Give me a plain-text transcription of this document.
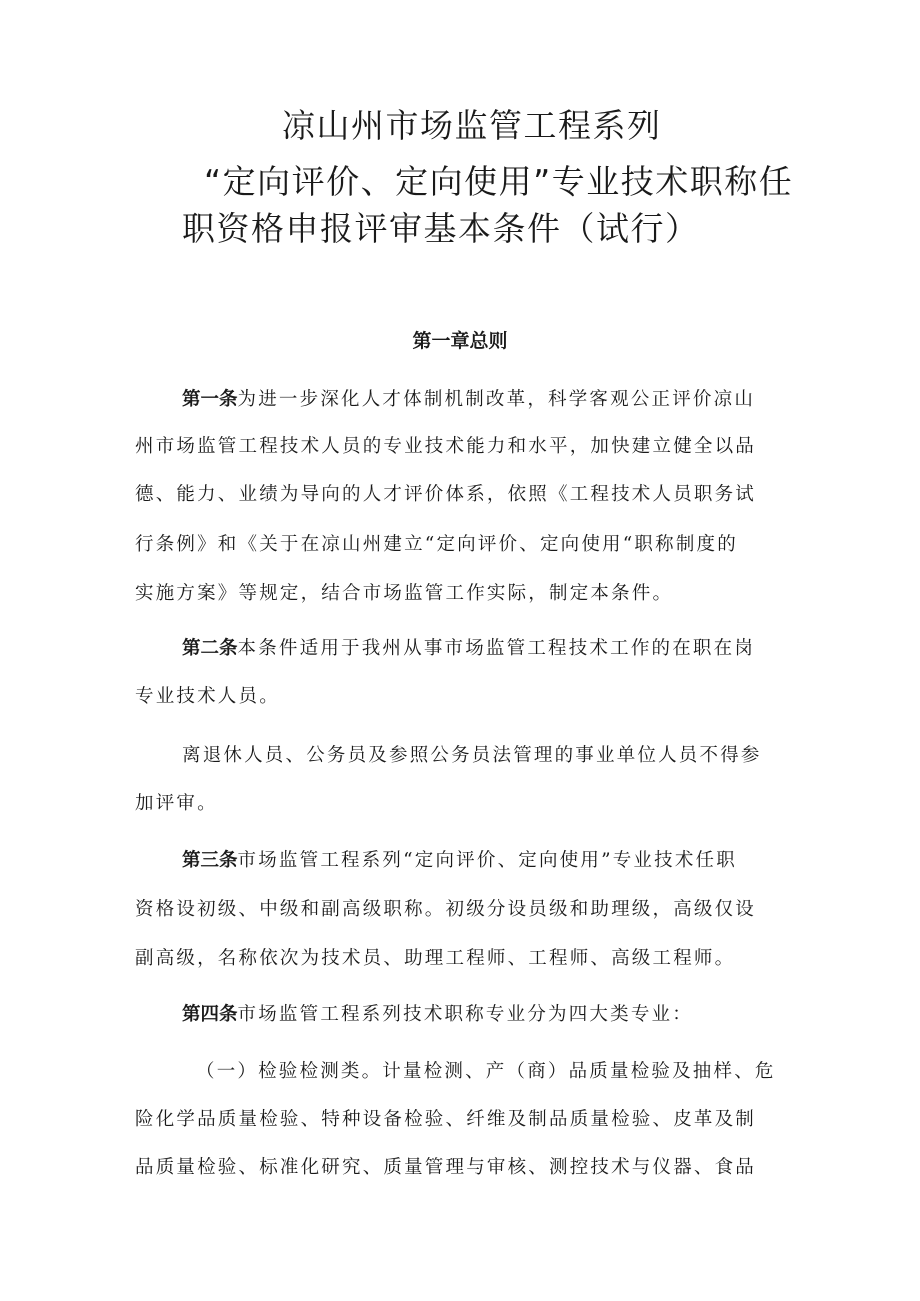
凉山州市场监管工程系列
“定向评价、定向使用”专业技术职称任
职资格申报评审基本条件（试行）
第一章总则
第一条为进一步深化人才体制机制改革，科学客观公正评价凉山
州市场监管工程技术人员的专业技术能力和水平，加快建立健全以品
德、能力、业绩为导向的人才评价体系，依照《工程技术人员职务试
行条例》和《关于在凉山州建立“定向评价、定向使用“职称制度的
实施方案》等规定，结合市场监管工作实际，制定本条件。
第二条本条件适用于我州从事市场监管工程技术工作的在职在岗
专业技术人员。
离退休人员、公务员及参照公务员法管理的事业单位人员不得参
加评审。
第三条市场监管工程系列“定向评价、定向使用”专业技术任职
资格设初级、中级和副高级职称。初级分设员级和助理级，高级仅设
副高级，名称依次为技术员、助理工程师、工程师、高级工程师。
第四条市场监管工程系列技术职称专业分为四大类专业：
（一）检验检测类。计量检测、产（商）品质量检验及抽样、危
险化学品质量检验、特种设备检验、纤维及制品质量检验、皮革及制
品质量检验、标准化研究、质量管理与审核、测控技术与仪器、食品
